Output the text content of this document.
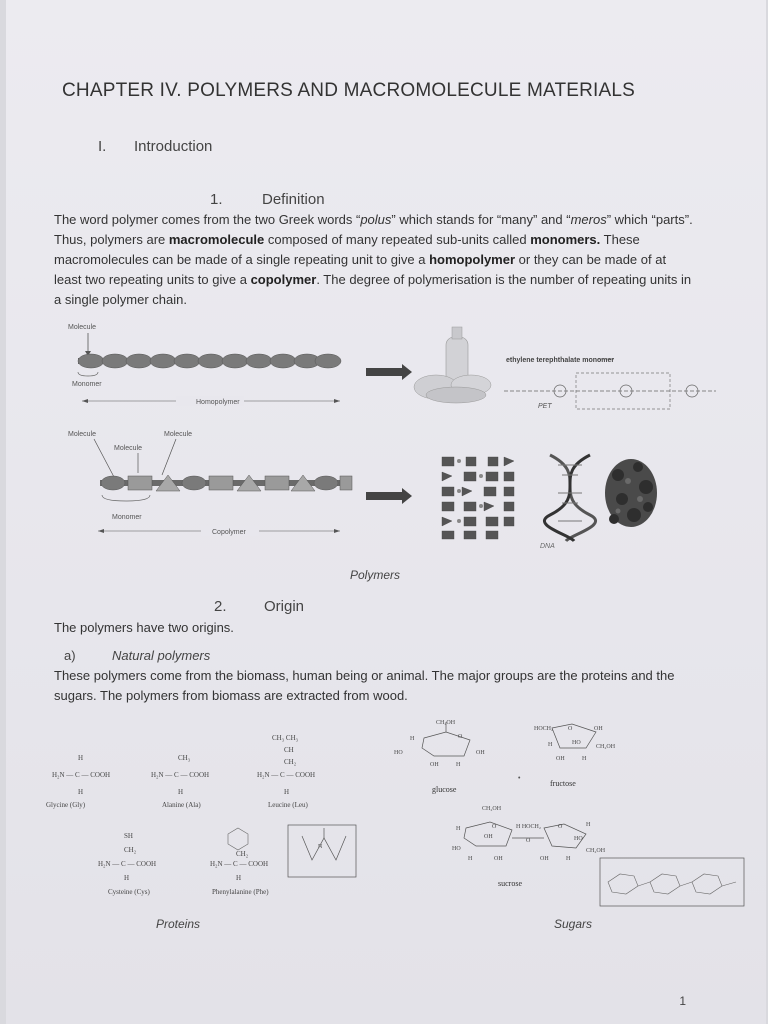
CHAPTER IV. POLYMERS AND MACROMOLECULE MATERIALS
I. Introduction
1.	Definition
The word polymer comes from the two Greek words “polus” which stands for “many” and “meros” which “parts”. Thus, polymers are macromolecule composed of many repeated sub-units called monomers. These macromolecules can be made of a single repeating unit to give a homopolymer or they can be made of at least two repeating units to give a copolymer. The degree of polymerisation is the number of repeating units in a single polymer chain.
Molecule
Monomer
Homopolymer
ethylene terephthalate monomer
PET
Molecule	Molecule
Molecule
Monomer
Copolymer
DNA
Polymers
2. Origin
The polymers have two origins.
a)	Natural polymers
These polymers come from the biomass, human being or animal. The major groups are the proteins and the sugars. The polymers from biomass are extracted from wood.
H
H₂N — C — COOH
H
Glycine (Gly)
CH₃
H₂N — C — COOH
H
Alanine (Ala)
CH₃ CH₃
CH
CH₂
H₂N — C — COOH
H
Leucine (Leu)
SH
CH₂
H₂N — C — COOH
H
Cysteine (Cys)
CH₂
H₂N — C — COOH
H
Phenylalanine (Phe)
N
CH₂OH
O
H
HO	OH
OH	H
glucose
HOCH₂ O	OH
H	HO
CH₂OH
OH	H
•
fructose
CH₂OH
H	O	H HOCH₂	O	H
HO
OH
O	HO
CH₂OH
H	OH	OH	H
sucrose
Proteins	Sugars
1
